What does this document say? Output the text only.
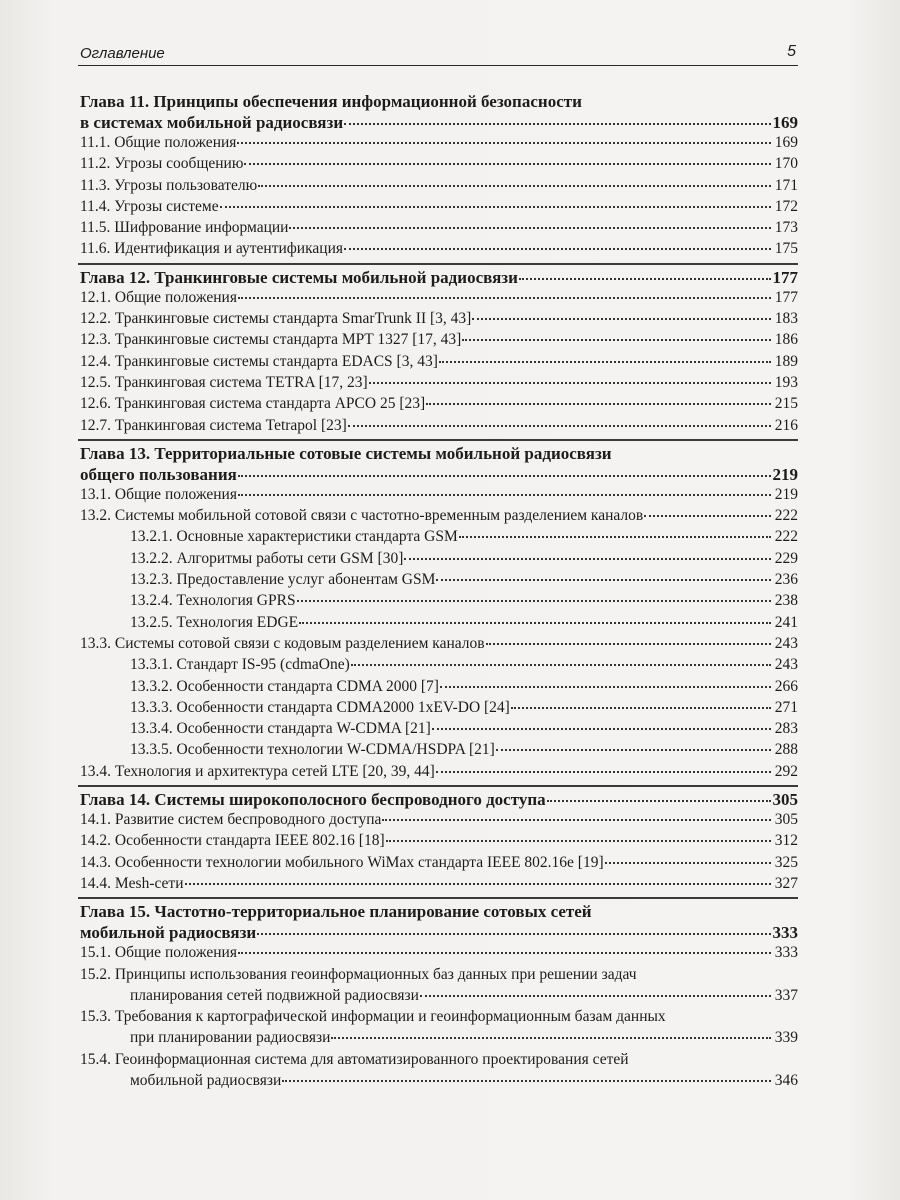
Оглавление	5
Глава 11. Принципы обеспечения информационной безопасности
в системах мобильной радиосвязи	169
11.1. Общие положения	169
11.2. Угрозы сообщению	170
11.3. Угрозы пользователю	171
11.4. Угрозы системе	172
11.5. Шифрование информации	173
11.6. Идентификация и аутентификация	175
Глава 12. Транкинговые системы мобильной радиосвязи	177
12.1. Общие положения	177
12.2. Транкинговые системы стандарта SmarTrunk II [3, 43]	183
12.3. Транкинговые системы стандарта MPT 1327 [17, 43]	186
12.4. Транкинговые системы стандарта EDACS [3, 43]	189
12.5. Транкинговая система TETRA [17, 23]	193
12.6. Транкинговая система стандарта APCO 25 [23]	215
12.7. Транкинговая система Tetrapol [23]	216
Глава 13. Территориальные сотовые системы мобильной радиосвязи
общего пользования	219
13.1. Общие положения	219
13.2. Системы мобильной сотовой связи с частотно-временным разделением каналов	222
13.2.1. Основные характеристики стандарта GSM	222
13.2.2. Алгоритмы работы сети GSM [30]	229
13.2.3. Предоставление услуг абонентам GSM	236
13.2.4. Технология GPRS	238
13.2.5. Технология EDGE	241
13.3. Системы сотовой связи с кодовым разделением каналов	243
13.3.1. Стандарт IS-95 (cdmaOne)	243
13.3.2. Особенности стандарта CDMA 2000 [7]	266
13.3.3. Особенности стандарта CDMA2000 1xEV-DO [24]	271
13.3.4. Особенности стандарта W-CDMA [21]	283
13.3.5. Особенности технологии W-CDMA/HSDPA [21]	288
13.4. Технология и архитектура сетей LTE [20, 39, 44]	292
Глава 14. Системы широкополосного беспроводного доступа	305
14.1. Развитие систем беспроводного доступа	305
14.2. Особенности стандарта IEEE 802.16 [18]	312
14.3. Особенности технологии мобильного WiMax стандарта IEEE 802.16e [19]	325
14.4. Mesh-сети	327
Глава 15. Частотно-территориальное планирование сотовых сетей
мобильной радиосвязи	333
15.1. Общие положения	333
15.2. Принципы использования геоинформационных баз данных при решении задач
планирования сетей подвижной радиосвязи	337
15.3. Требования к картографической информации и геоинформационным базам данных
при планировании радиосвязи	339
15.4. Геоинформационная система для автоматизированного проектирования сетей
мобильной радиосвязи	346
